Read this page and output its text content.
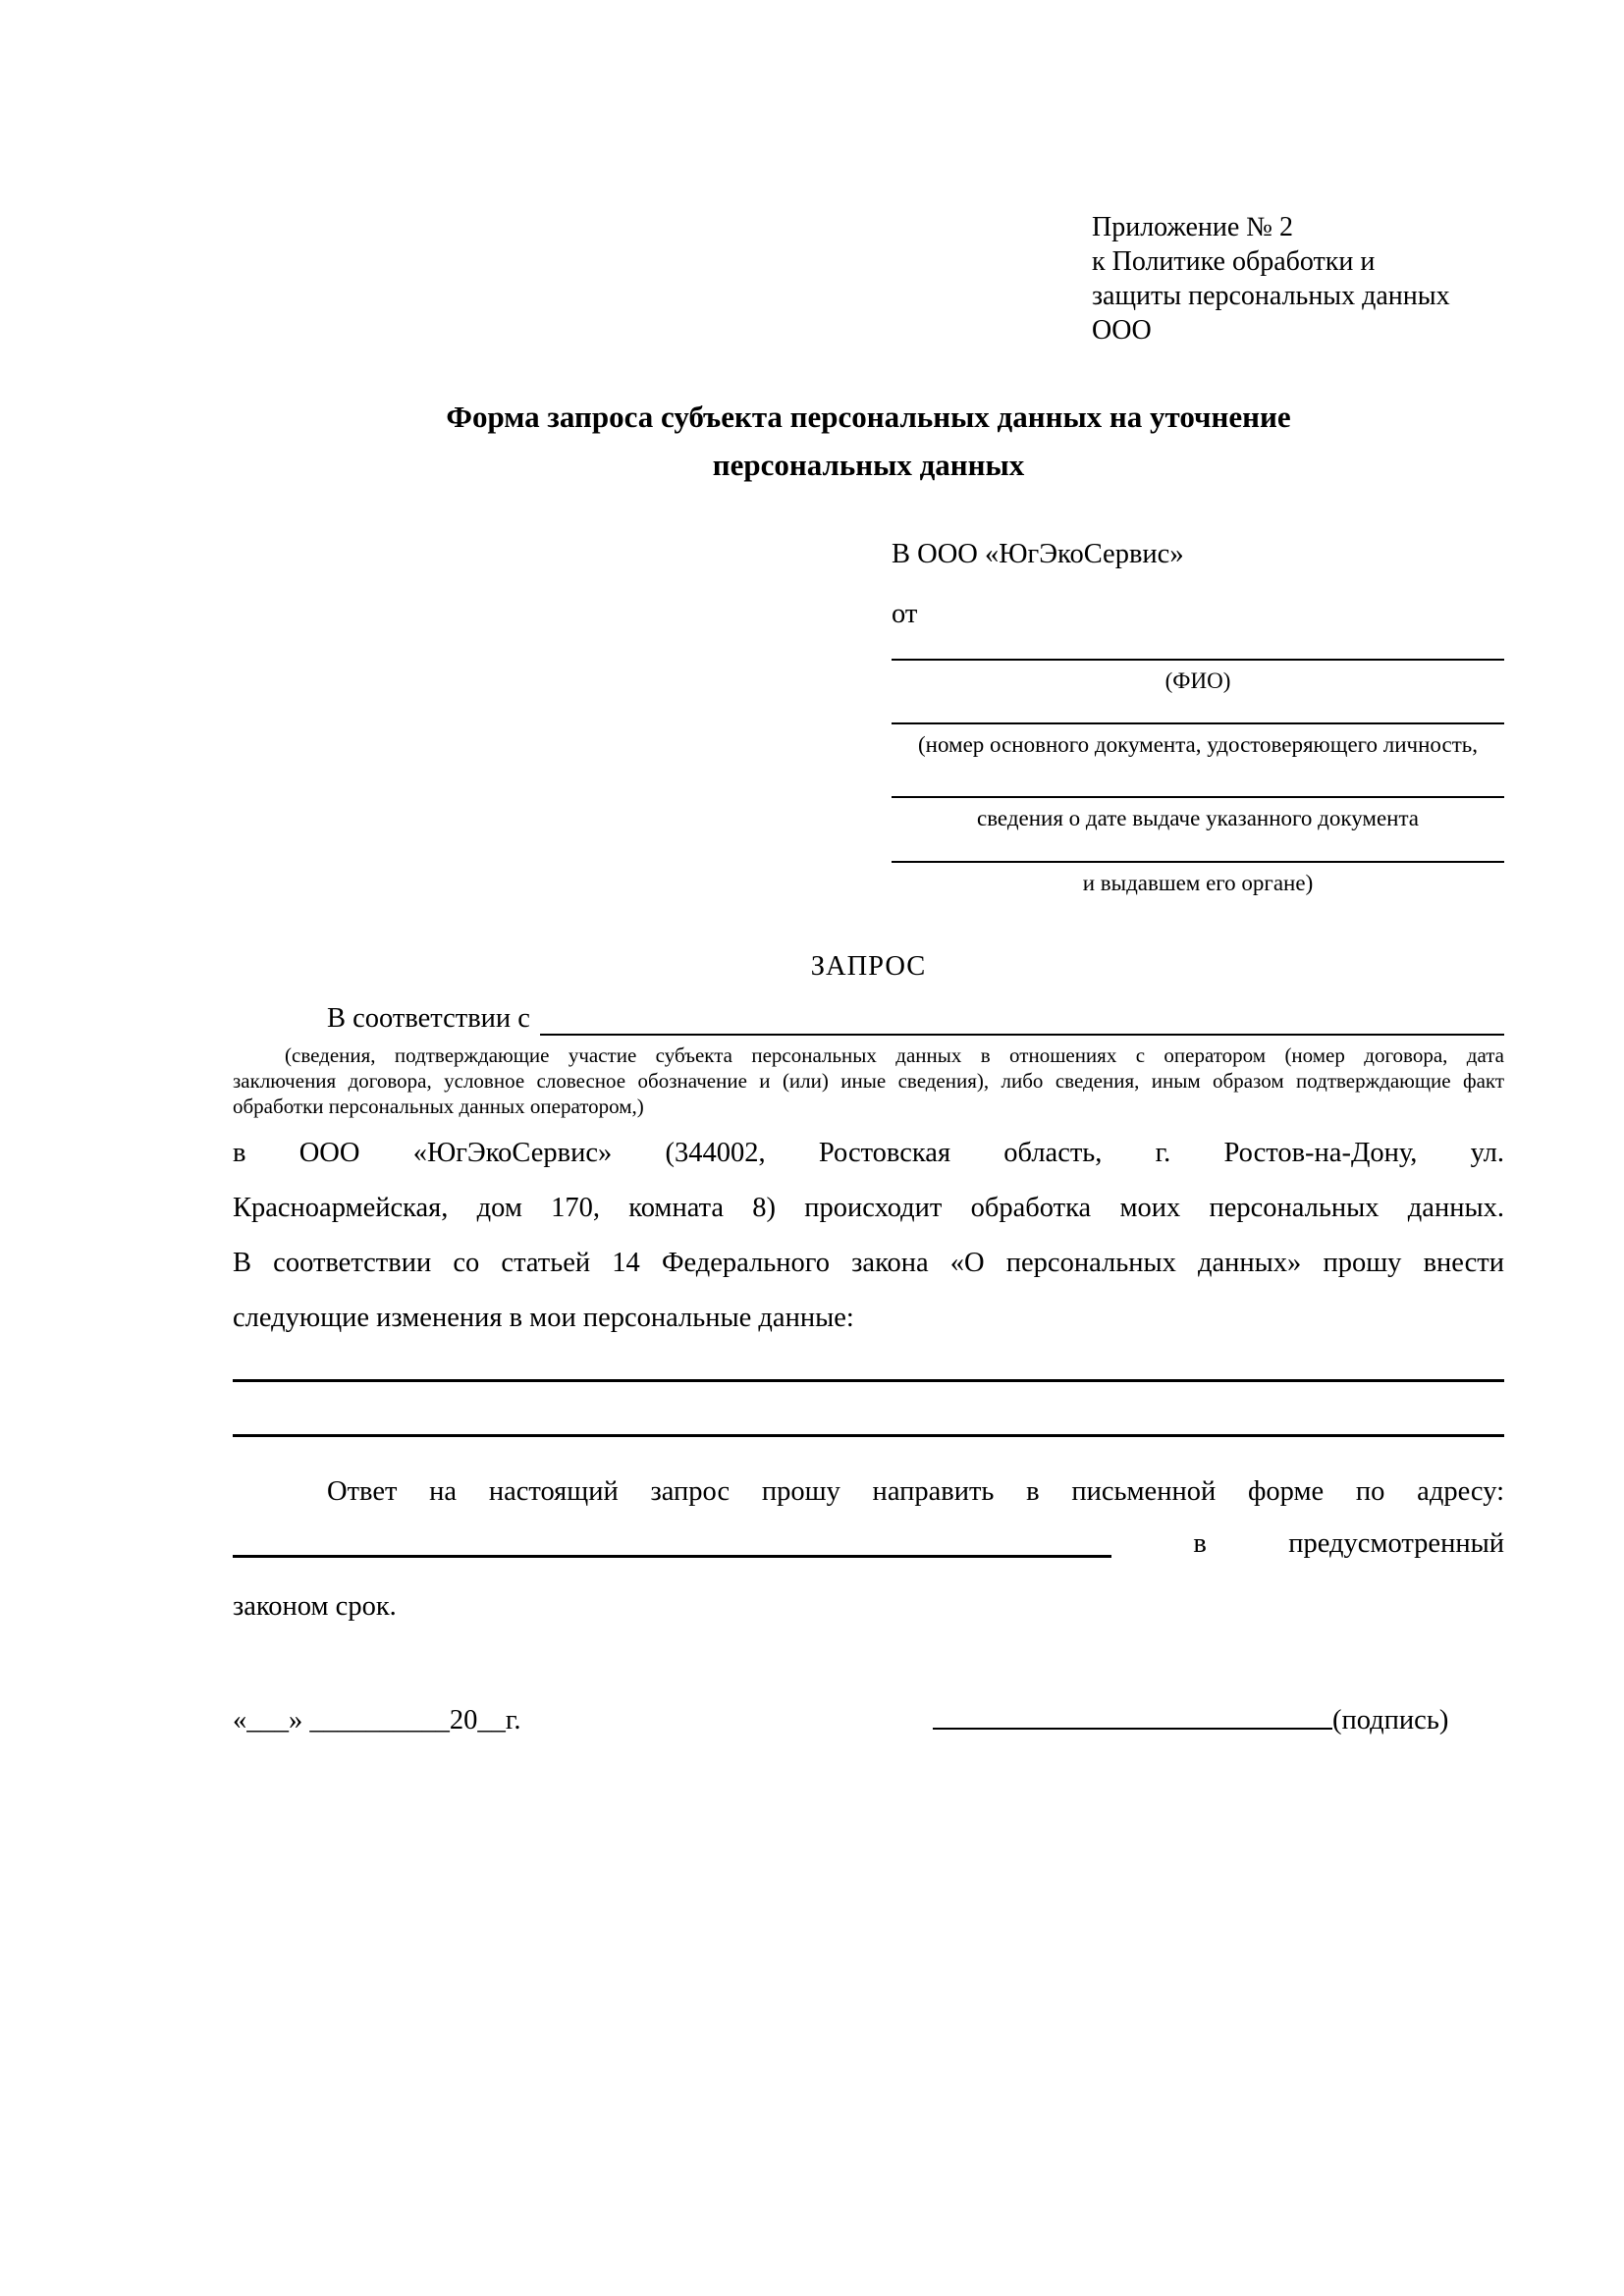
Приложение № 2
к Политике обработки и
защиты персональных данных
ООО
Форма запроса субъекта персональных данных на уточнение
персональных данных
В ООО «ЮгЭкоСервис»
от
(ФИО)
(номер основного документа, удостоверяющего личность,
сведения о дате выдаче указанного документа
и выдавшем его органе)
ЗАПРОС
В соответствии с
(сведения, подтверждающие участие субъекта персональных данных в отношениях с оператором (номер договора, дата
заключения договора, условное словесное обозначение и (или) иные сведения), либо сведения, иным образом подтверждающие факт
обработки персональных данных оператором,)
в ООО «ЮгЭкоСервис» (344002, Ростовская область, г. Ростов-на-Дону, ул.
Красноармейская, дом 170, комната 8) происходит обработка моих персональных данных.
В соответствии со статьей 14 Федерального закона «О персональных данных» прошу внести
следующие изменения в мои персональные данные:
Ответ на настоящий запрос прошу направить в письменной форме по адресу:
в	предусмотренный
законом срок.
«___» __________20__г.	(подпись)
